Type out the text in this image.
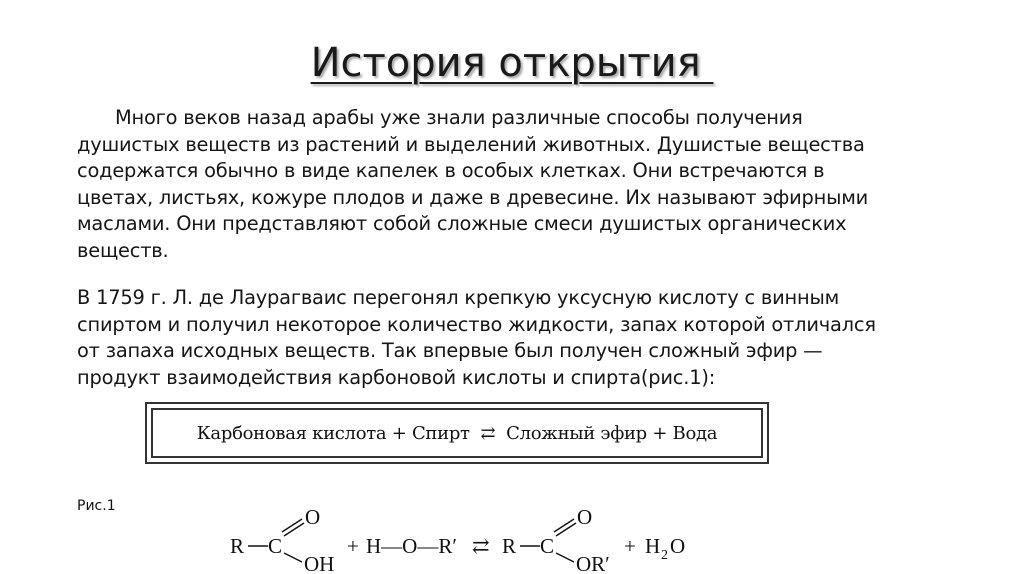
История открытия

Много веков назад арабы уже знали различные способы получения
душистых веществ из растений и выделений животных. Душистые вещества
содержатся обычно в виде капелек в особых клетках. Они встречаются в
цветах, листьях, кожуре плодов и даже в древесине. Их называют эфирными
маслами. Они представляют собой сложные смеси душистых органических
веществ.

В 1759 г. Л. де Лаурагваис перегонял крепкую уксусную кислоту с винным
спиртом и получил некоторое количество жидкости, запах которой отличался
от запаха исходных веществ. Так впервые был получен сложный эфир —
продукт взаимодействия карбоновой кислоты и спирта(рис.1):

Карбоновая кислота + Спирт  ⇄  Сложный эфир + Вода
Рис.1
R C
O
OH
+ H—O—R′ ⇄ R C
O
OR′
+ H 2 O
